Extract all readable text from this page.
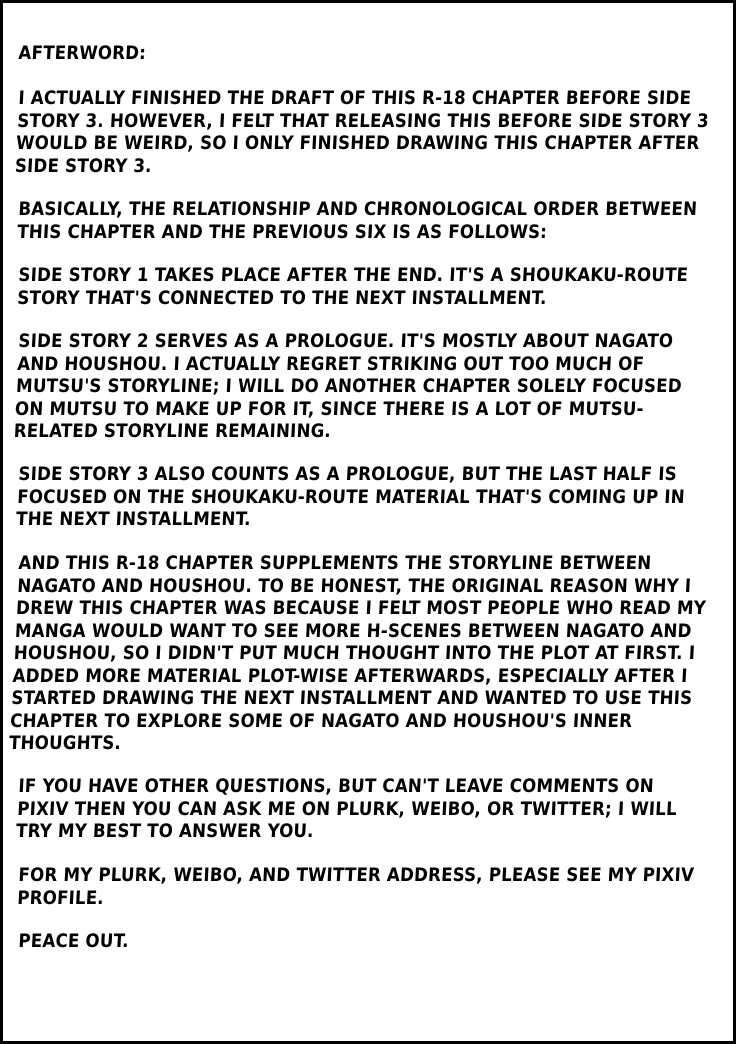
AFTERWORD:

I ACTUALLY FINISHED THE DRAFT OF THIS R-18 CHAPTER BEFORE SIDE STORY 3. HOWEVER, I FELT THAT RELEASING THIS BEFORE SIDE STORY 3 WOULD BE WEIRD, SO I ONLY FINISHED DRAWING THIS CHAPTER AFTER SIDE STORY 3.

BASICALLY, THE RELATIONSHIP AND CHRONOLOGICAL ORDER BETWEEN THIS CHAPTER AND THE PREVIOUS SIX IS AS FOLLOWS:

SIDE STORY 1 TAKES PLACE AFTER THE END. IT'S A SHOUKAKU-ROUTE STORY THAT'S CONNECTED TO THE NEXT INSTALLMENT.

SIDE STORY 2 SERVES AS A PROLOGUE. IT'S MOSTLY ABOUT NAGATO AND HOUSHOU. I ACTUALLY REGRET STRIKING OUT TOO MUCH OF MUTSU'S STORYLINE; I WILL DO ANOTHER CHAPTER SOLELY FOCUSED ON MUTSU TO MAKE UP FOR IT, SINCE THERE IS A LOT OF MUTSU-RELATED STORYLINE REMAINING.

SIDE STORY 3 ALSO COUNTS AS A PROLOGUE, BUT THE LAST HALF IS FOCUSED ON THE SHOUKAKU-ROUTE MATERIAL THAT'S COMING UP IN THE NEXT INSTALLMENT.

AND THIS R-18 CHAPTER SUPPLEMENTS THE STORYLINE BETWEEN NAGATO AND HOUSHOU. TO BE HONEST, THE ORIGINAL REASON WHY I DREW THIS CHAPTER WAS BECAUSE I FELT MOST PEOPLE WHO READ MY MANGA WOULD WANT TO SEE MORE H-SCENES BETWEEN NAGATO AND HOUSHOU, SO I DIDN'T PUT MUCH THOUGHT INTO THE PLOT AT FIRST. I ADDED MORE MATERIAL PLOT-WISE AFTERWARDS, ESPECIALLY AFTER I STARTED DRAWING THE NEXT INSTALLMENT AND WANTED TO USE THIS CHAPTER TO EXPLORE SOME OF NAGATO AND HOUSHOU'S INNER THOUGHTS.

IF YOU HAVE OTHER QUESTIONS, BUT CAN'T LEAVE COMMENTS ON PIXIV THEN YOU CAN ASK ME ON PLURK, WEIBO, OR TWITTER; I WILL TRY MY BEST TO ANSWER YOU.

FOR MY PLURK, WEIBO, AND TWITTER ADDRESS, PLEASE SEE MY PIXIV PROFILE.

PEACE OUT.
